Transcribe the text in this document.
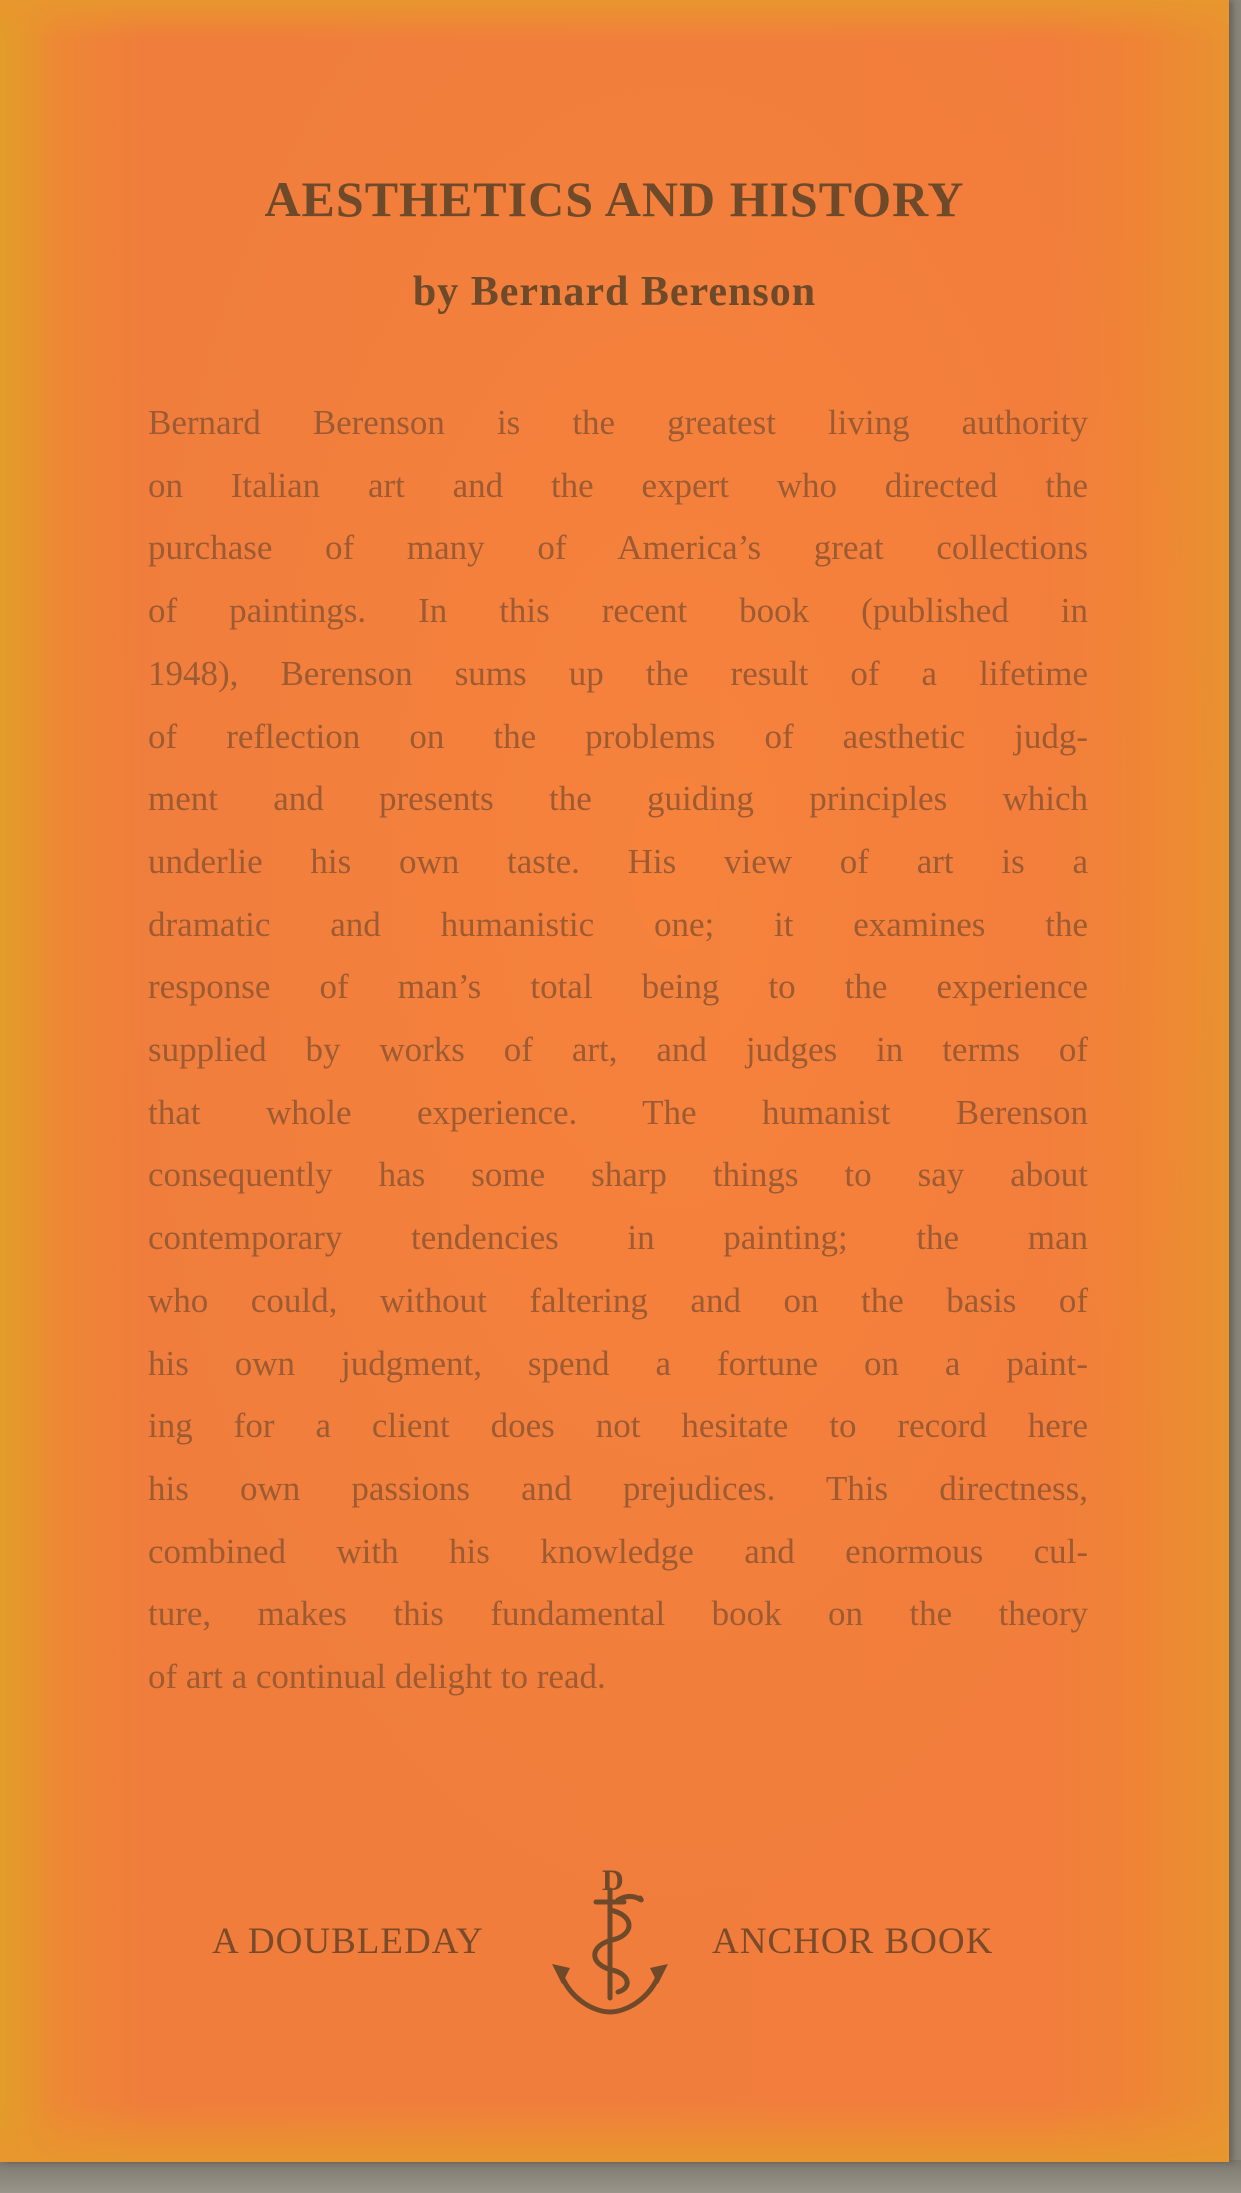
AESTHETICS AND HISTORY
by Bernard Berenson

Bernard Berenson is the greatest living authority
on Italian art and the expert who directed the
purchase of many of America’s great collections
of paintings. In this recent book (published in
1948), Berenson sums up the result of a lifetime
of reflection on the problems of aesthetic judg-
ment and presents the guiding principles which
underlie his own taste. His view of art is a
dramatic and humanistic one; it examines the
response of man’s total being to the experience
supplied by works of art, and judges in terms of
that whole experience. The humanist Berenson
consequently has some sharp things to say about
contemporary tendencies in painting; the man
who could, without faltering and on the basis of
his own judgment, spend a fortune on a paint-
ing for a client does not hesitate to record here
his own passions and prejudices. This directness,
combined with his knowledge and enormous cul-
ture, makes this fundamental book on the theory
of art a continual delight to read.

A DOUBLEDAY
D
ANCHOR BOOK
